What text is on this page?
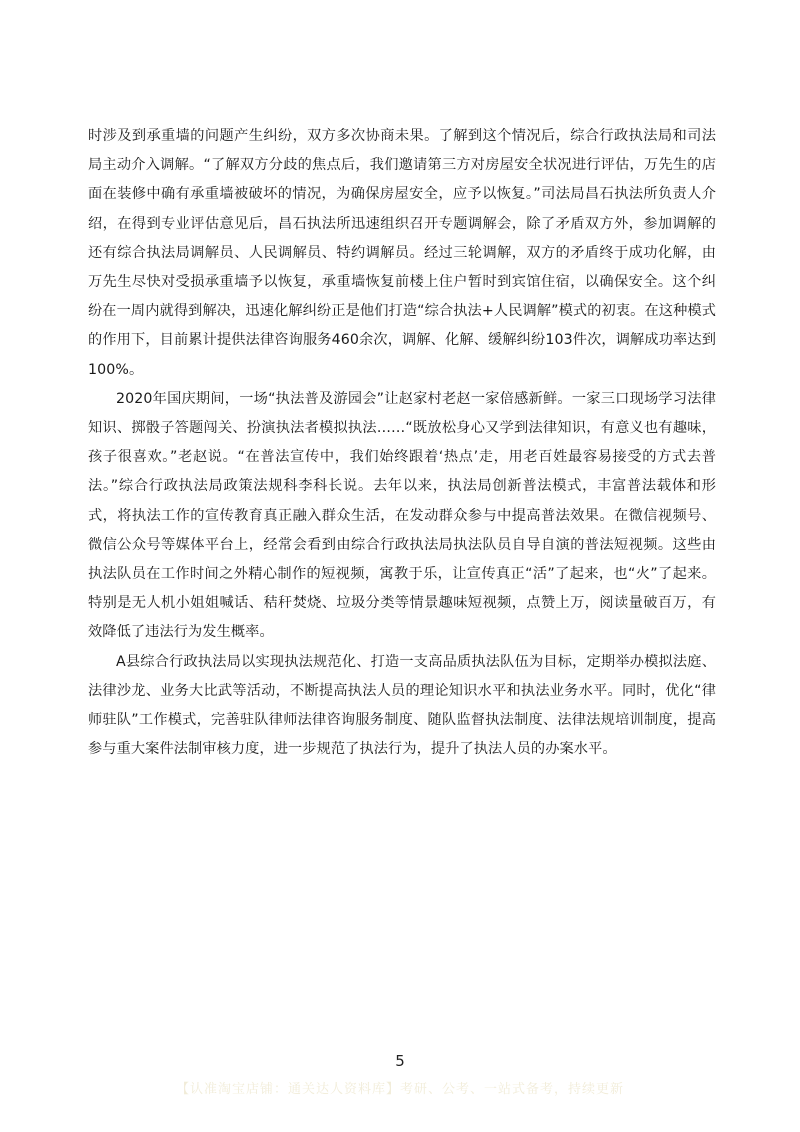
时涉及到承重墙的问题产生纠纷，双方多次协商未果。了解到这个情况后，综合行政执法局和司法局主动介入调解。“了解双方分歧的焦点后，我们邀请第三方对房屋安全状况进行评估，万先生的店面在装修中确有承重墙被破坏的情况，为确保房屋安全，应予以恢复。”司法局昌石执法所负责人介绍，在得到专业评估意见后，昌石执法所迅速组织召开专题调解会，除了矛盾双方外，参加调解的还有综合执法局调解员、人民调解员、特约调解员。经过三轮调解，双方的矛盾终于成功化解，由万先生尽快对受损承重墙予以恢复，承重墙恢复前楼上住户暂时到宾馆住宿，以确保安全。这个纠纷在一周内就得到解决，迅速化解纠纷正是他们打造“综合执法+人民调解”模式的初衷。在这种模式的作用下，目前累计提供法律咨询服务460余次，调解、化解、缓解纠纷103件次，调解成功率达到100%。

2020年国庆期间，一场“执法普及游园会”让赵家村老赵一家倍感新鲜。一家三口现场学习法律知识、掷骰子答题闯关、扮演执法者模拟执法……“既放松身心又学到法律知识，有意义也有趣味，孩子很喜欢。”老赵说。“在普法宣传中，我们始终跟着‘热点’走，用老百姓最容易接受的方式去普法。”综合行政执法局政策法规科李科长说。去年以来，执法局创新普法模式，丰富普法载体和形式，将执法工作的宣传教育真正融入群众生活，在发动群众参与中提高普法效果。在微信视频号、微信公众号等媒体平台上，经常会看到由综合行政执法局执法队员自导自演的普法短视频。这些由执法队员在工作时间之外精心制作的短视频，寓教于乐，让宣传真正“活”了起来，也“火”了起来。特别是无人机小姐姐喊话、秸秆焚烧、垃圾分类等情景趣味短视频，点赞上万，阅读量破百万，有效降低了违法行为发生概率。

A县综合行政执法局以实现执法规范化、打造一支高品质执法队伍为目标，定期举办模拟法庭、法律沙龙、业务大比武等活动，不断提高执法人员的理论知识水平和执法业务水平。同时，优化“律师驻队”工作模式，完善驻队律师法律咨询服务制度、随队监督执法制度、法律法规培训制度，提高参与重大案件法制审核力度，进一步规范了执法行为，提升了执法人员的办案水平。

5
【认准淘宝店铺：通关达人资料库】考研、公考、一站式备考，持续更新
